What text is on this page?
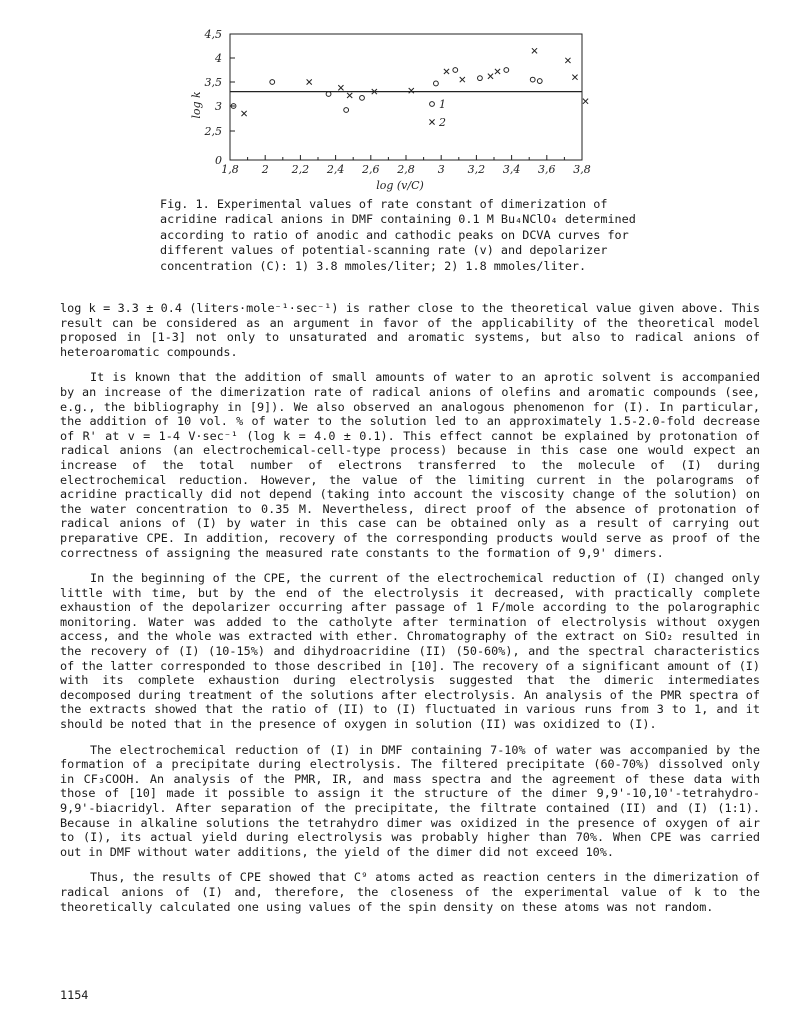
1,8 2 2,2 2,4 2,6 2,8 3 3,2 3,4 3,6 3,8
0
2,5
3
3,5
4
4,5
1
2
log k
log (v/C)

Fig. 1. Experimental values of rate constant of dimerization of acridine radical anions in DMF containing 0.1 M Bu₄NClO₄ determined according to ratio of anodic and cathodic peaks on DCVA curves for different values of potential-scanning rate (v) and depolarizer concentration (C): 1) 3.8 mmoles/liter; 2) 1.8 mmoles/liter.

log k = 3.3 ± 0.4 (liters·mole⁻¹·sec⁻¹) is rather close to the theoretical value given above. This result can be considered as an argument in favor of the applicability of the theoretical model proposed in [1-3] not only to unsaturated and aromatic systems, but also to radical anions of heteroaromatic compounds.

It is known that the addition of small amounts of water to an aprotic solvent is accompanied by an increase of the dimerization rate of radical anions of olefins and aromatic compounds (see, e.g., the bibliography in [9]). We also observed an analogous phenomenon for (I). In particular, the addition of 10 vol. % of water to the solution led to an approximately 1.5-2.0-fold decrease of R' at v = 1-4 V·sec⁻¹ (log k = 4.0 ± 0.1). This effect cannot be explained by protonation of radical anions (an electrochemical-cell-type process) because in this case one would expect an increase of the total number of electrons transferred to the molecule of (I) during electrochemical reduction. However, the value of the limiting current in the polarograms of acridine practically did not depend (taking into account the viscosity change of the solution) on the water concentration to 0.35 M. Nevertheless, direct proof of the absence of protonation of radical anions of (I) by water in this case can be obtained only as a result of carrying out preparative CPE. In addition, recovery of the corresponding products would serve as proof of the correctness of assigning the measured rate constants to the formation of 9,9' dimers.

In the beginning of the CPE, the current of the electrochemical reduction of (I) changed only little with time, but by the end of the electrolysis it decreased, with practically complete exhaustion of the depolarizer occurring after passage of 1 F/mole according to the polarographic monitoring. Water was added to the catholyte after termination of electrolysis without oxygen access, and the whole was extracted with ether. Chromatography of the extract on SiO₂ resulted in the recovery of (I) (10-15%) and dihydroacridine (II) (50-60%), and the spectral characteristics of the latter corresponded to those described in [10]. The recovery of a significant amount of (I) with its complete exhaustion during electrolysis suggested that the dimeric intermediates decomposed during treatment of the solutions after electrolysis. An analysis of the PMR spectra of the extracts showed that the ratio of (II) to (I) fluctuated in various runs from 3 to 1, and it should be noted that in the presence of oxygen in solution (II) was oxidized to (I).

The electrochemical reduction of (I) in DMF containing 7-10% of water was accompanied by the formation of a precipitate during electrolysis. The filtered precipitate (60-70%) dissolved only in CF₃COOH. An analysis of the PMR, IR, and mass spectra and the agreement of these data with those of [10] made it possible to assign it the structure of the dimer 9,9'-10,10'-tetrahydro-9,9'-biacridyl. After separation of the precipitate, the filtrate contained (II) and (I) (1:1). Because in alkaline solutions the tetrahydro dimer was oxidized in the presence of oxygen of air to (I), its actual yield during electrolysis was probably higher than 70%. When CPE was carried out in DMF without water additions, the yield of the dimer did not exceed 10%.

Thus, the results of CPE showed that C⁹ atoms acted as reaction centers in the dimerization of radical anions of (I) and, therefore, the closeness of the experimental value of k to the theoretically calculated one using values of the spin density on these atoms was not random.

1154
